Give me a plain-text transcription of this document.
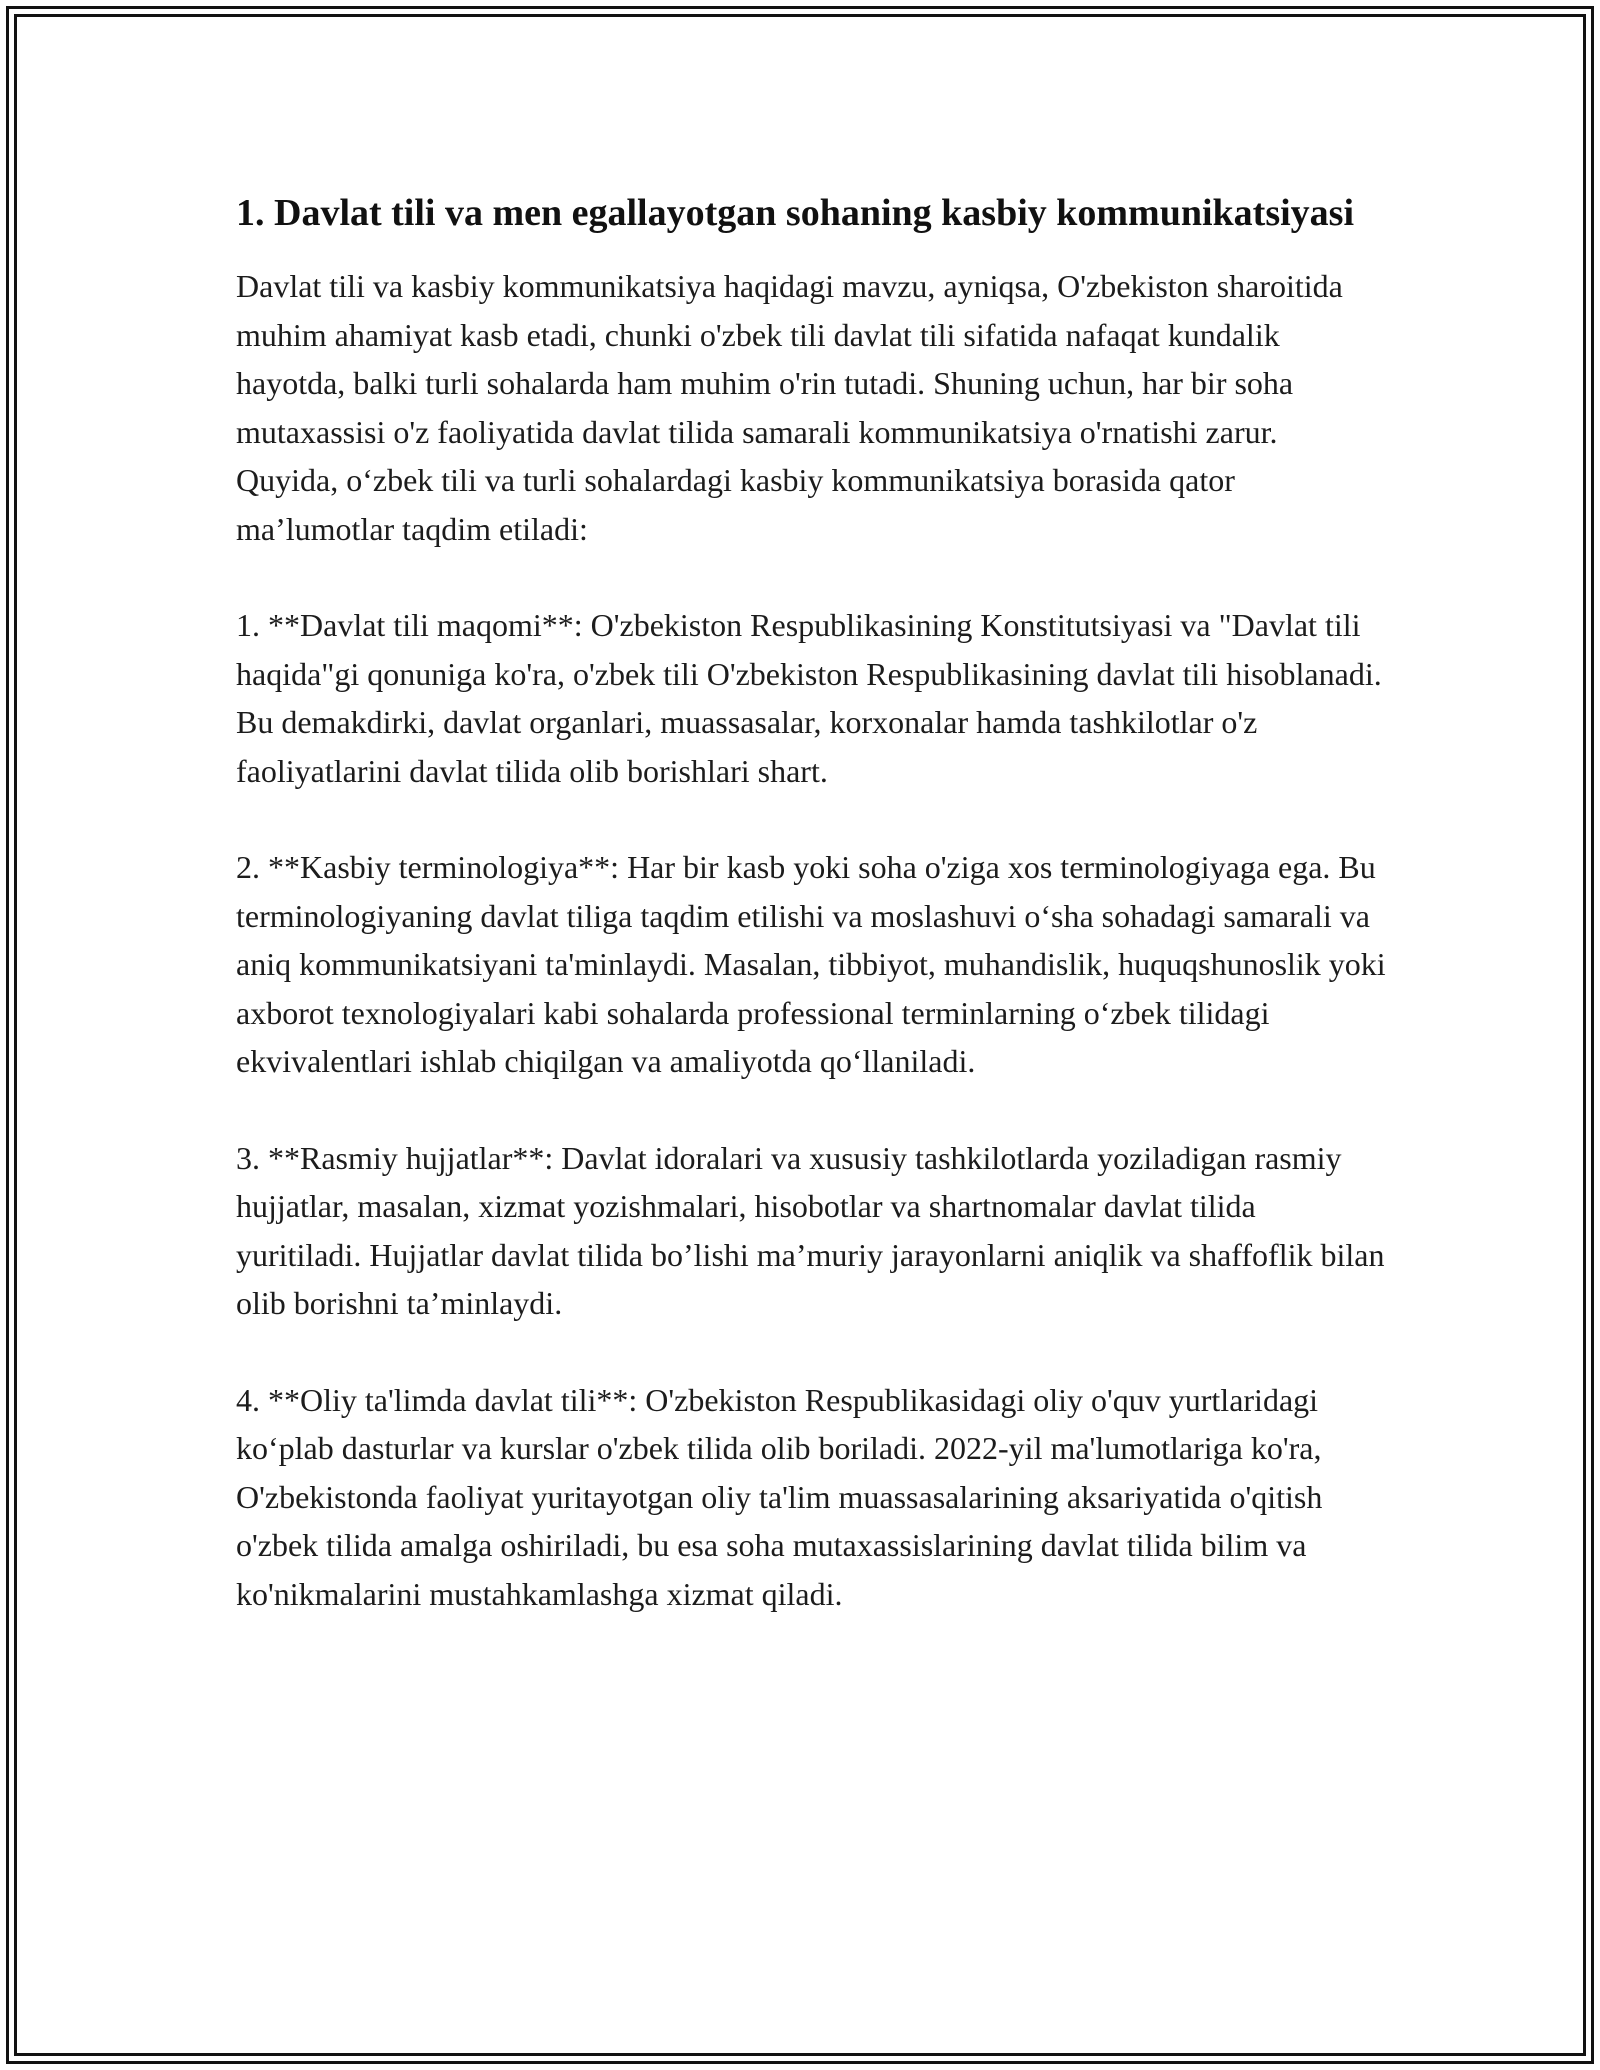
1. Davlat tili va men egallayotgan sohaning kasbiy kommunikatsiyasi

Davlat tili va kasbiy kommunikatsiya haqidagi mavzu, ayniqsa, O'zbekiston sharoitida muhim ahamiyat kasb etadi, chunki o'zbek tili davlat tili sifatida nafaqat kundalik hayotda, balki turli sohalarda ham muhim o'rin tutadi. Shuning uchun, har bir soha mutaxassisi o'z faoliyatida davlat tilida samarali kommunikatsiya o'rnatishi zarur. Quyida, o‘zbek tili va turli sohalardagi kasbiy kommunikatsiya borasida qator ma’lumotlar taqdim etiladi:

1. **Davlat tili maqomi**: O'zbekiston Respublikasining Konstitutsiyasi va "Davlat tili haqida"gi qonuniga ko'ra, o'zbek tili O'zbekiston Respublikasining davlat tili hisoblanadi. Bu demakdirki, davlat organlari, muassasalar, korxonalar hamda tashkilotlar o'z faoliyatlarini davlat tilida olib borishlari shart.

2. **Kasbiy terminologiya**: Har bir kasb yoki soha o'ziga xos terminologiyaga ega. Bu terminologiyaning davlat tiliga taqdim etilishi va moslashuvi o‘sha sohadagi samarali va aniq kommunikatsiyani ta'minlaydi. Masalan, tibbiyot, muhandislik, huquqshunoslik yoki axborot texnologiyalari kabi sohalarda professional terminlarning o‘zbek tilidagi ekvivalentlari ishlab chiqilgan va amaliyotda qo‘llaniladi.

3. **Rasmiy hujjatlar**: Davlat idoralari va xususiy tashkilotlarda yoziladigan rasmiy hujjatlar, masalan, xizmat yozishmalari, hisobotlar va shartnomalar davlat tilida yuritiladi. Hujjatlar davlat tilida bo’lishi ma’muriy jarayonlarni aniqlik va shaffoflik bilan olib borishni ta’minlaydi.

4. **Oliy ta'limda davlat tili**: O'zbekiston Respublikasidagi oliy o'quv yurtlaridagi ko‘plab dasturlar va kurslar o'zbek tilida olib boriladi. 2022-yil ma'lumotlariga ko'ra, O'zbekistonda faoliyat yuritayotgan oliy ta'lim muassasalarining aksariyatida o'qitish o'zbek tilida amalga oshiriladi, bu esa soha mutaxassislarining davlat tilida bilim va ko'nikmalarini mustahkamlashga xizmat qiladi.
